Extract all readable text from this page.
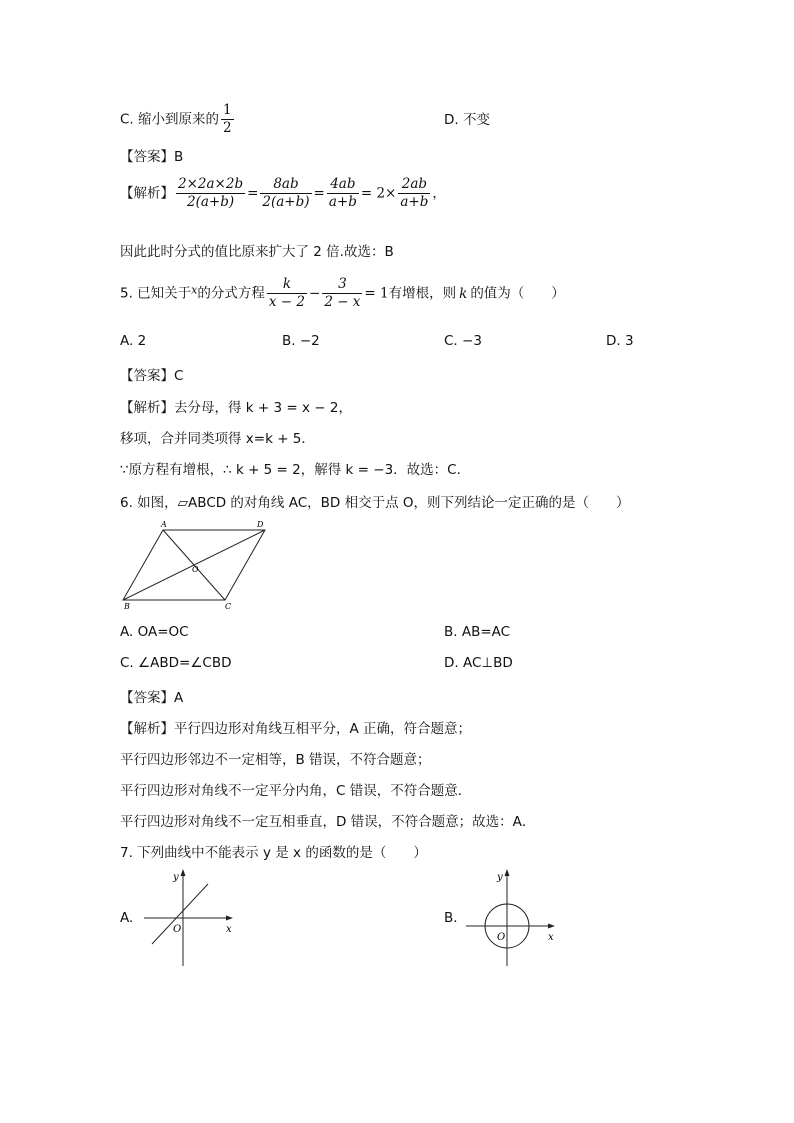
C. 缩小到原来的 $\frac{1}{2}$	D. 不变
【答案】B
【解析】 $\frac{2\times 2a\times 2b}{2(a+b)} = \frac{8ab}{2(a+b)} = \frac{4ab}{a+b} = 2\times \frac{2ab}{a+b}$ ，
因此此时分式的值比原来扩大了 2 倍.故选：B
5. 已知关于$^x$的分式方程 $\frac{k}{x - 2} - \frac{3}{2 - x} = 1$有增根，则 k 的值为（　　）
A. 2	B. −2	C. −3	D. 3
【答案】C
【解析】去分母，得 k + 3 = x − 2，
移项，合并同类项得 x=k + 5．
∵原方程有增根，∴ k + 5 = 2，解得 k = −3．故选：C．
6. 如图，▱ABCD 的对角线 AC，BD 相交于点 O，则下列结论一定正确的是（　　）
A	D
B	C
O
A. OA=OC	B. AB=AC
C. ∠ABD=∠CBD	D. AC⊥BD
【答案】A
【解析】平行四边形对角线互相平分，A 正确，符合题意；
平行四边形邻边不一定相等，B 错误，不符合题意；
平行四边形对角线不一定平分内角，C 错误，不符合题意．
平行四边形对角线不一定互相垂直，D 错误，不符合题意；故选：A．
7. 下列曲线中不能表示 y 是 x 的函数的是（　　）
A.
y
x
O
B.
y
x
O
